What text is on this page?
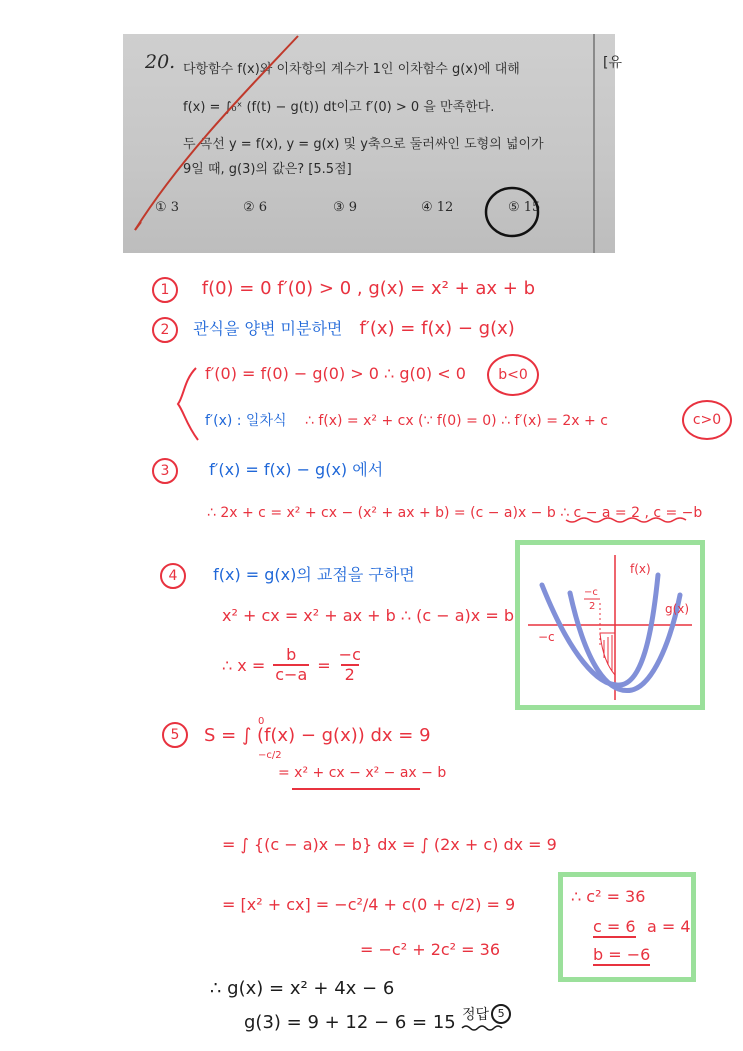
20. 다항함수 f(x)와 이차항의 계수가 1인 이차함수 g(x)에 대해
f(x) = ∫₀ˣ (f(t) − g(t)) dt이고 f′(0) > 0 을 만족한다.
두 곡선 y = f(x), y = g(x) 및 y축으로 둘러싸인 도형의 넓이가
9일 때, g(3)의 값은? [5.5점]
① 3	② 6	③ 9	④ 12	⑤ 15
[유
1 f(0) = 0 f′(0) > 0 , g(x) = x² + ax + b
2 관식을 양변 미분하면 f′(x) = f(x) − g(x)
f′(0) = f(0) − g(0) > 0 ∴ g(0) < 0	b<0
f′(x) : 일차식 ∴ f(x) = x² + cx (∵ f(0) = 0) ∴ f′(x) = 2x + c	c>0
3 f′(x) = f(x) − g(x) 에서
∴ 2x + c = x² + cx − (x² + ax + b) = (c − a)x − b ∴ c − a = 2 , c = −b
4 f(x) = g(x)의 교점을 구하면
x² + cx = x² + ax + b ∴ (c − a)x = b
∴ $x = \frac{b}{c-a} = \frac{-c}{2}$
f(x)
g(x)
−c
−c
2
5
0
−c/2
S = ∫ (f(x) − g(x)) dx = 9
= x² + cx − x² − ax − b
= ∫ {(c − a)x − b} dx = ∫ (2x + c) dx = 9
= [x² + cx] = −c²/4 + c(0 + c/2) = 9
= −c² + 2c² = 36
∴ c² = 36
c = 6 a = 4
b = −6
∴ g(x) = x² + 4x − 6
g(3) = 9 + 12 − 6 = 15 정답 5
